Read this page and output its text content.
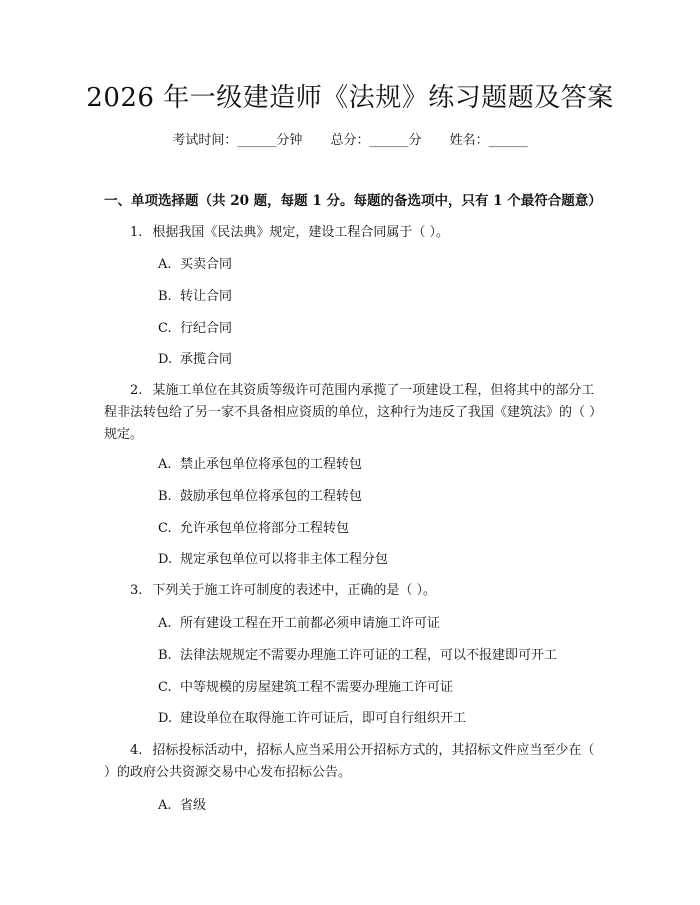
2026 年一级建造师《法规》练习题题及答案
考试时间：______分钟 总分：______分 姓名：______
一、单项选择题（共 20 题，每题 1 分。每题的备选项中，只有 1 个最符合题意）
1. 根据我国《民法典》规定，建设工程合同属于（ ）。
A. 买卖合同
B. 转让合同
C. 行纪合同
D. 承揽合同
2. 某施工单位在其资质等级许可范围内承揽了一项建设工程，但将其中的部分工程非法转包给了另一家不具备相应资质的单位，这种行为违反了我国《建筑法》的（ ）规定。
A. 禁止承包单位将承包的工程转包
B. 鼓励承包单位将承包的工程转包
C. 允许承包单位将部分工程转包
D. 规定承包单位可以将非主体工程分包
3. 下列关于施工许可制度的表述中，正确的是（ ）。
A. 所有建设工程在开工前都必须申请施工许可证
B. 法律法规规定不需要办理施工许可证的工程，可以不报建即可开工
C. 中等规模的房屋建筑工程不需要办理施工许可证
D. 建设单位在取得施工许可证后，即可自行组织开工
4. 招标投标活动中，招标人应当采用公开招标方式的，其招标文件应当至少在（ ）的政府公共资源交易中心发布招标公告。
A. 省级
